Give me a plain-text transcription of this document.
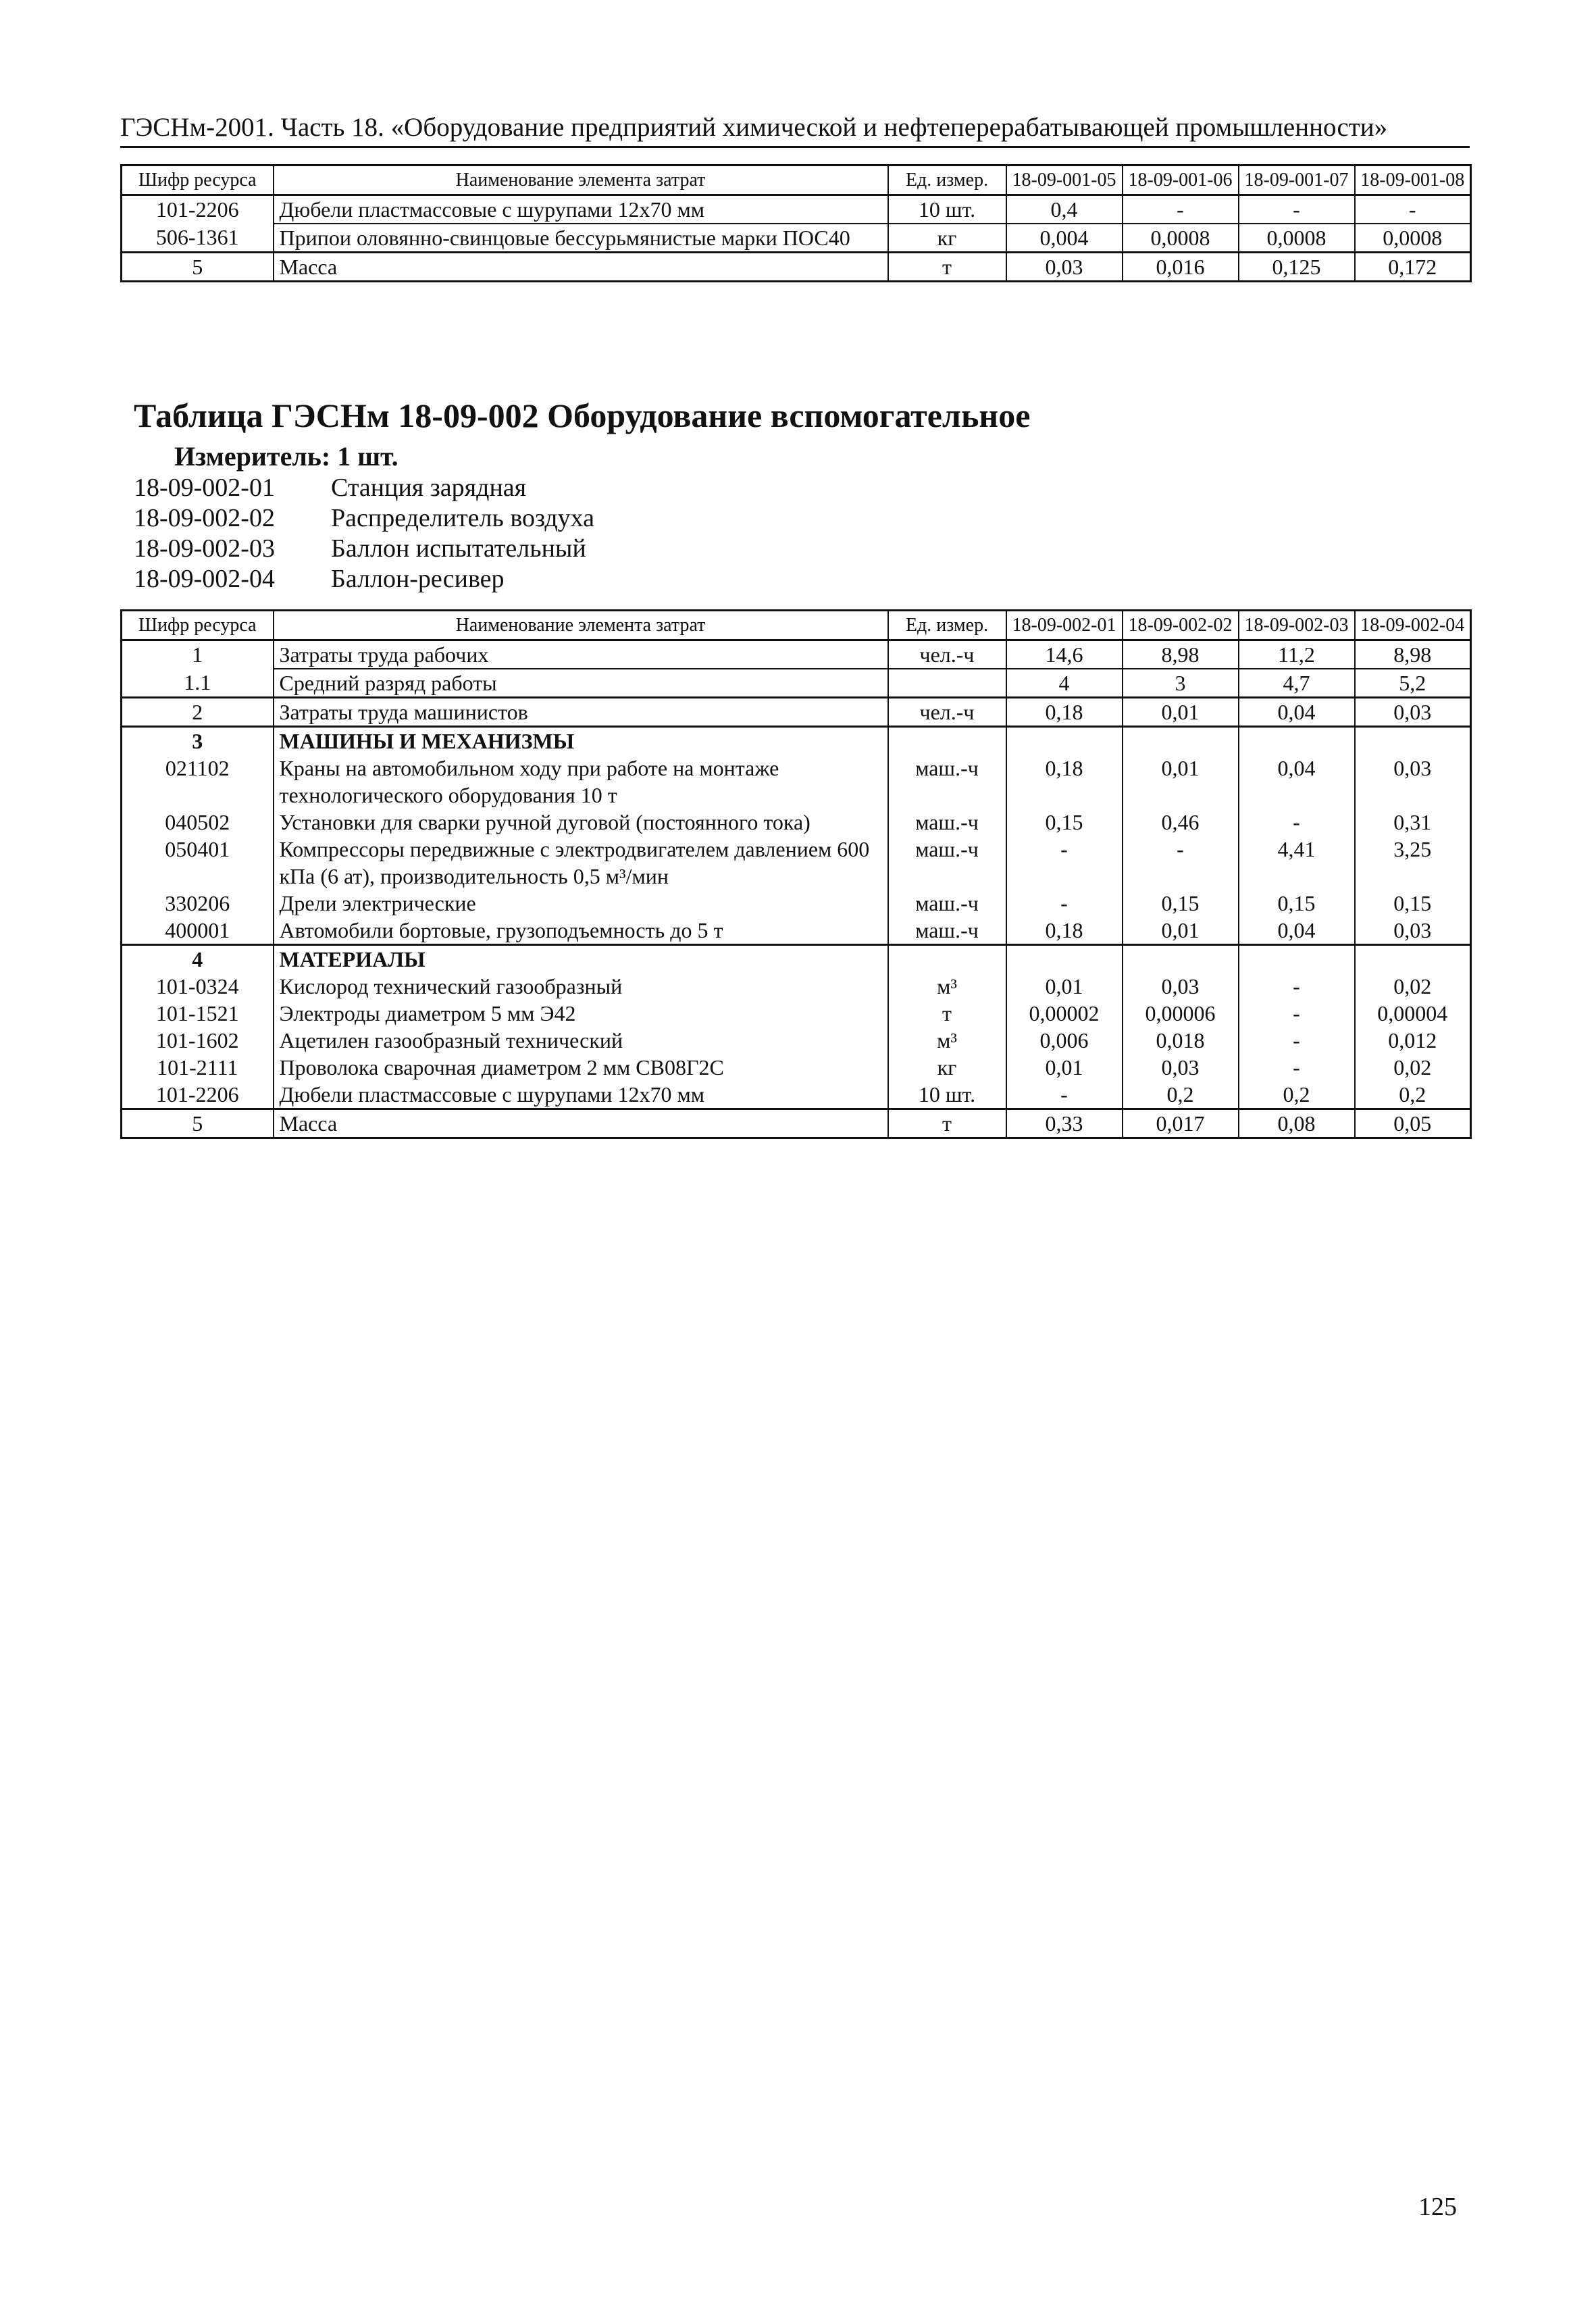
ГЭСНм-2001. Часть 18. «Оборудование предприятий химической и нефтеперерабатывающей промышленности»
Шифр ресурса	Наименование элемента затрат	Ед. измер.	18-09-001-05	18-09-001-06	18-09-001-07	18-09-001-08
101-2206	Дюбели пластмассовые с шурупами 12х70 мм	10 шт.	0,4	-	-	-
506-1361	Припои оловянно-свинцовые бессурьмянистые марки ПОС40	кг	0,004	0,0008	0,0008	0,0008
5	Масса	т	0,03	0,016	0,125	0,172
Таблица ГЭСНм 18-09-002 Оборудование вспомогательное
Измеритель: 1 шт.
18-09-002-01	Станция зарядная
18-09-002-02	Распределитель воздуха
18-09-002-03	Баллон испытательный
18-09-002-04	Баллон-ресивер
Шифр ресурса	Наименование элемента затрат	Ед. измер.	18-09-002-01	18-09-002-02	18-09-002-03	18-09-002-04
1	Затраты труда рабочих	чел.-ч	14,6	8,98	11,2	8,98
1.1	Средний разряд работы		4	3	4,7	5,2
2	Затраты труда машинистов	чел.-ч	0,18	0,01	0,04	0,03
3	МАШИНЫ И МЕХАНИЗМЫ					
021102	Краны на автомобильном ходу при работе на монтаже технологического оборудования 10 т	маш.-ч	0,18	0,01	0,04	0,03
040502	Установки для сварки ручной дуговой (постоянного тока)	маш.-ч	0,15	0,46	-	0,31
050401	Компрессоры передвижные с электродвигателем давлением 600 кПа (6 ат), производительность 0,5 м³/мин	маш.-ч	-	-	4,41	3,25
330206	Дрели электрические	маш.-ч	-	0,15	0,15	0,15
400001	Автомобили бортовые, грузоподъемность до 5 т	маш.-ч	0,18	0,01	0,04	0,03
4	МАТЕРИАЛЫ					
101-0324	Кислород технический газообразный	м³	0,01	0,03	-	0,02
101-1521	Электроды диаметром 5 мм Э42	т	0,00002	0,00006	-	0,00004
101-1602	Ацетилен газообразный технический	м³	0,006	0,018	-	0,012
101-2111	Проволока сварочная диаметром 2 мм СВ08Г2С	кг	0,01	0,03	-	0,02
101-2206	Дюбели пластмассовые с шурупами 12х70 мм	10 шт.	-	0,2	0,2	0,2
5	Масса	т	0,33	0,017	0,08	0,05
125
